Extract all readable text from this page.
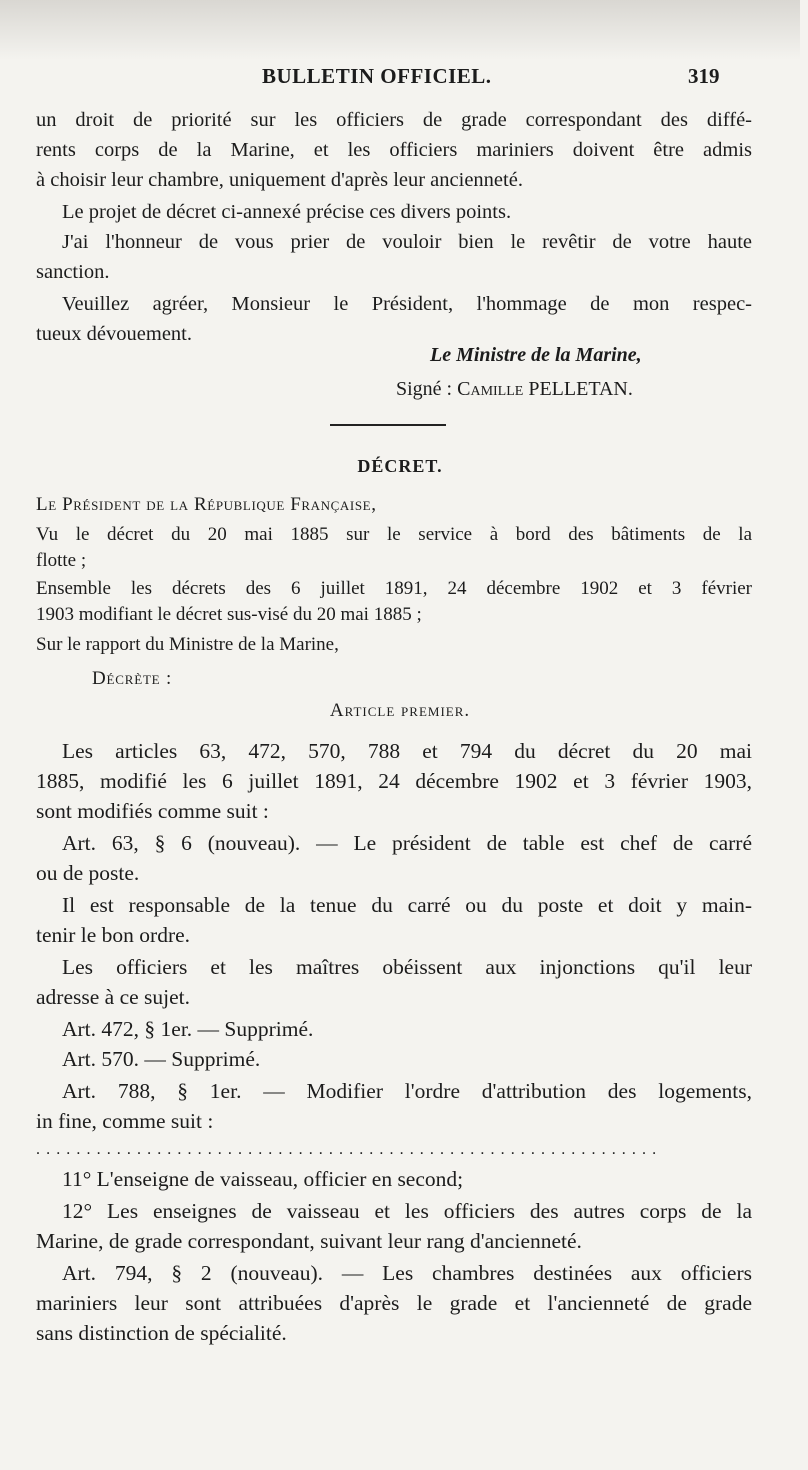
BULLETIN OFFICIEL.	319
un droit de priorité sur les officiers de grade correspondant des diffé-
rents corps de la Marine, et les officiers mariniers doivent être admis
à choisir leur chambre, uniquement d'après leur ancienneté.
Le projet de décret ci-annexé précise ces divers points.
J'ai l'honneur de vous prier de vouloir bien le revêtir de votre haute
sanction.
Veuillez agréer, Monsieur le Président, l'hommage de mon respec-
tueux dévouement.
Le Ministre de la Marine,
Signé : Camille PELLETAN.
DÉCRET.
Le Président de la République Française,
Vu le décret du 20 mai 1885 sur le service à bord des bâtiments de la
flotte ;
Ensemble les décrets des 6 juillet 1891, 24 décembre 1902 et 3 février
1903 modifiant le décret sus-visé du 20 mai 1885 ;
Sur le rapport du Ministre de la Marine,
Décrète :
Article premier.
Les articles 63, 472, 570, 788 et 794 du décret du 20 mai
1885, modifié les 6 juillet 1891, 24 décembre 1902 et 3 février 1903,
sont modifiés comme suit :
Art. 63, § 6 (nouveau). — Le président de table est chef de carré
ou de poste.
Il est responsable de la tenue du carré ou du poste et doit y main-
tenir le bon ordre.
Les officiers et les maîtres obéissent aux injonctions qu'il leur
adresse à ce sujet.
Art. 472, § 1er. — Supprimé.
Art. 570. — Supprimé.
Art. 788, § 1er. — Modifier l'ordre d'attribution des logements,
in fine, comme suit :
..............................................................
11° L'enseigne de vaisseau, officier en second;
12° Les enseignes de vaisseau et les officiers des autres corps de la
Marine, de grade correspondant, suivant leur rang d'ancienneté.
Art. 794, § 2 (nouveau). — Les chambres destinées aux officiers
mariniers leur sont attribuées d'après le grade et l'ancienneté de grade
sans distinction de spécialité.
